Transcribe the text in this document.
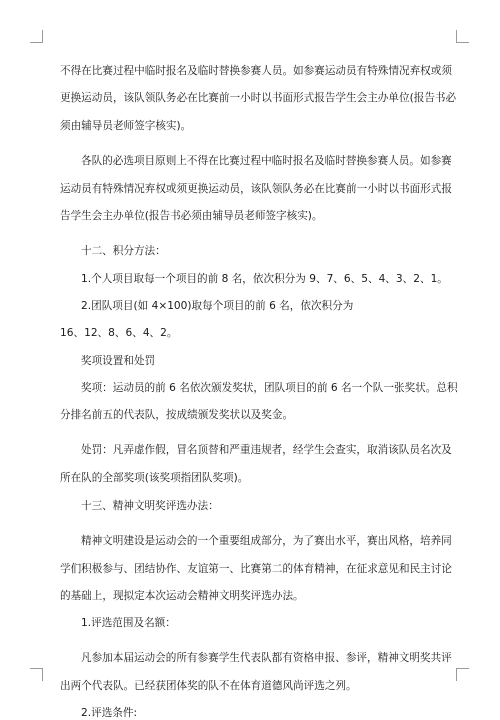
不得在比赛过程中临时报名及临时替换参赛人员。如参赛运动员有特殊情况弃权或须
更换运动员，该队领队务必在比赛前一小时以书面形式报告学生会主办单位(报告书必
须由辅导员老师签字核实)。
各队的必选项目原则上不得在比赛过程中临时报名及临时替换参赛人员。如参赛
运动员有特殊情况弃权或须更换运动员，该队领队务必在比赛前一小时以书面形式报
告学生会主办单位(报告书必须由辅导员老师签字核实)。
十二、积分方法：
1.个人项目取每一个项目的前 8 名，依次积分为 9、7、6、5、4、3、2、1。
2.团队项目(如 4×100)取每个项目的前 6 名，依次积分为
16、12、8、6、4、2。
奖项设置和处罚
奖项：运动员的前 6 名依次颁发奖状，团队项目的前 6 名一个队一张奖状。总积
分排名前五的代表队，按成绩颁发奖状以及奖金。
处罚：凡弄虚作假，冒名顶替和严重违规者，经学生会查实，取消该队员名次及
所在队的全部奖项(该奖项指团队奖项)。
十三、精神文明奖评选办法：
精神文明建设是运动会的一个重要组成部分，为了赛出水平，赛出风格，培养同
学们积极参与、团结协作、友谊第一、比赛第二的体育精神，在征求意见和民主讨论
的基础上，现拟定本次运动会精神文明奖评选办法。
1.评选范围及名额：
凡参加本届运动会的所有参赛学生代表队都有资格申报、参评，精神文明奖共评
出两个代表队。已经获团体奖的队不在体育道德风尚评选之列。
2.评选条件:
